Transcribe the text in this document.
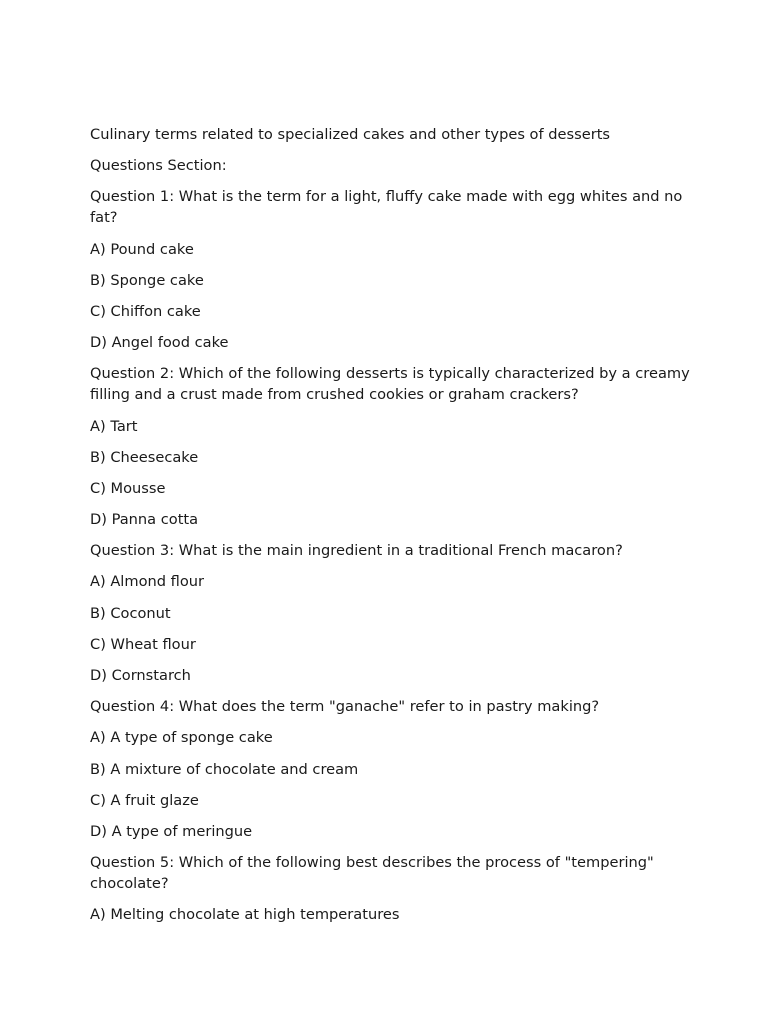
Culinary terms related to specialized cakes and other types of desserts

Questions Section:

Question 1: What is the term for a light, fluffy cake made with egg whites and no fat?

A) Pound cake

B) Sponge cake

C) Chiffon cake

D) Angel food cake

Question 2: Which of the following desserts is typically characterized by a creamy filling and a crust made from crushed cookies or graham crackers?

A) Tart

B) Cheesecake

C) Mousse

D) Panna cotta

Question 3: What is the main ingredient in a traditional French macaron?

A) Almond flour

B) Coconut

C) Wheat flour

D) Cornstarch

Question 4: What does the term "ganache" refer to in pastry making?

A) A type of sponge cake

B) A mixture of chocolate and cream

C) A fruit glaze

D) A type of meringue

Question 5: Which of the following best describes the process of "tempering" chocolate?

A) Melting chocolate at high temperatures
